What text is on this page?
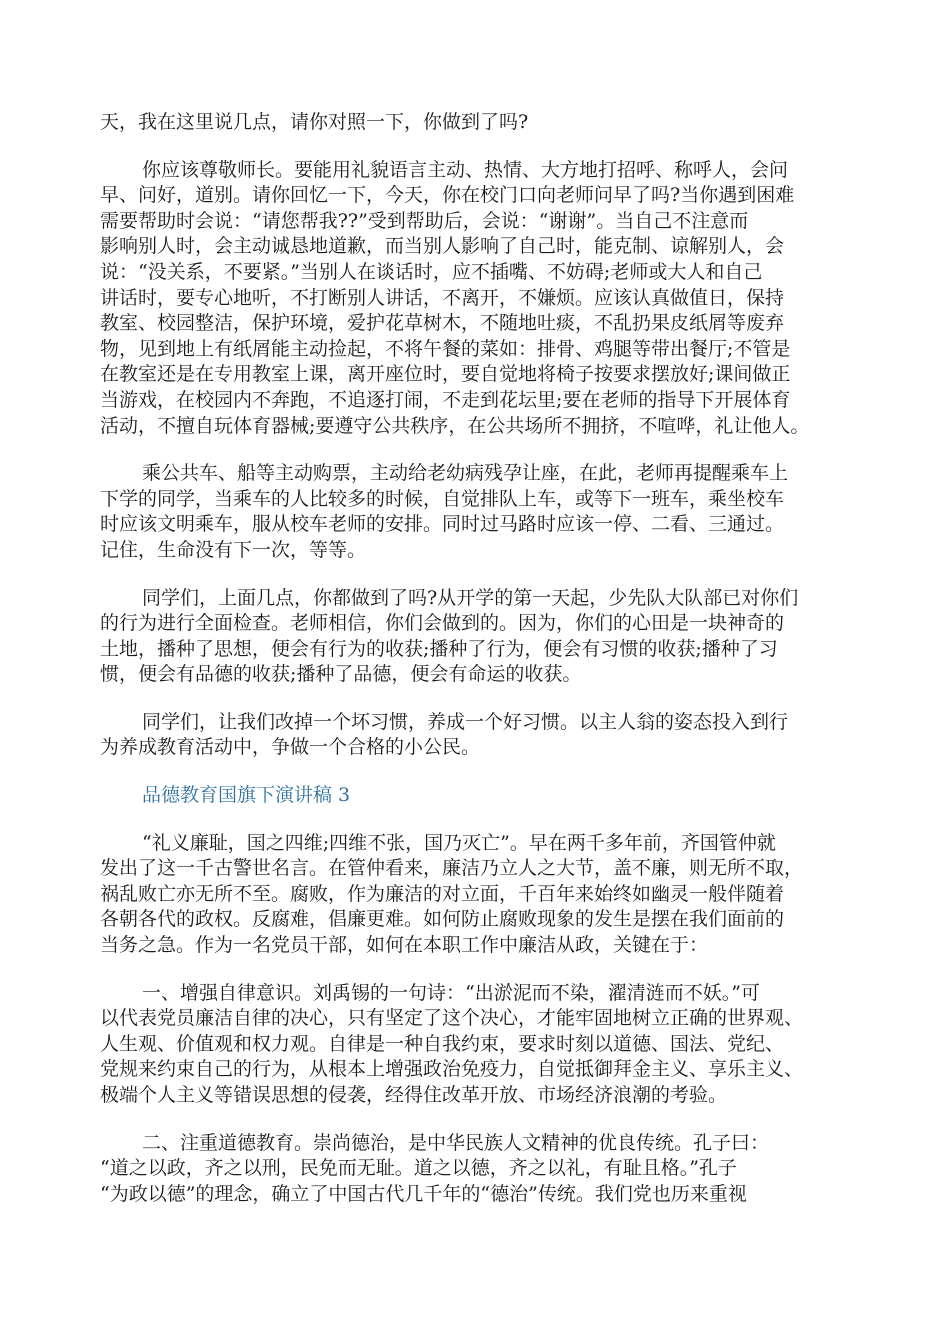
天，我在这里说几点，请你对照一下，你做到了吗?
你应该尊敬师长。要能用礼貌语言主动、热情、大方地打招呼、称呼人，会问
早、问好，道别。请你回忆一下，今天，你在校门口向老师问早了吗?当你遇到困难
需要帮助时会说：“请您帮我??”受到帮助后，会说：“谢谢”。当自己不注意而
影响别人时，会主动诚恳地道歉，而当别人影响了自己时，能克制、谅解别人，会
说：“没关系，不要紧。”当别人在谈话时，应不插嘴、不妨碍;老师或大人和自己
讲话时，要专心地听，不打断别人讲话，不离开，不嫌烦。应该认真做值日，保持
教室、校园整洁，保护环境，爱护花草树木，不随地吐痰，不乱扔果皮纸屑等废弃
物，见到地上有纸屑能主动捡起，不将午餐的菜如：排骨、鸡腿等带出餐厅;不管是
在教室还是在专用教室上课，离开座位时，要自觉地将椅子按要求摆放好;课间做正
当游戏，在校园内不奔跑，不追逐打闹，不走到花坛里;要在老师的指导下开展体育
活动，不擅自玩体育器械;要遵守公共秩序，在公共场所不拥挤，不喧哗，礼让他人。
乘公共车、船等主动购票，主动给老幼病残孕让座，在此，老师再提醒乘车上
下学的同学，当乘车的人比较多的时候，自觉排队上车，或等下一班车，乘坐校车
时应该文明乘车，服从校车老师的安排。同时过马路时应该一停、二看、三通过。
记住，生命没有下一次，等等。
同学们，上面几点，你都做到了吗?从开学的第一天起，少先队大队部已对你们
的行为进行全面检查。老师相信，你们会做到的。因为，你们的心田是一块神奇的
土地，播种了思想，便会有行为的收获;播种了行为，便会有习惯的收获;播种了习
惯，便会有品德的收获;播种了品德，便会有命运的收获。
同学们，让我们改掉一个坏习惯，养成一个好习惯。以主人翁的姿态投入到行
为养成教育活动中，争做一个合格的小公民。
品德教育国旗下演讲稿 3
“礼义廉耻，国之四维;四维不张，国乃灭亡”。早在两千多年前，齐国管仲就
发出了这一千古警世名言。在管仲看来，廉洁乃立人之大节，盖不廉，则无所不取，
祸乱败亡亦无所不至。腐败，作为廉洁的对立面，千百年来始终如幽灵一般伴随着
各朝各代的政权。反腐难，倡廉更难。如何防止腐败现象的发生是摆在我们面前的
当务之急。作为一名党员干部，如何在本职工作中廉洁从政，关键在于：
一、增强自律意识。刘禹锡的一句诗：“出淤泥而不染，濯清涟而不妖。”可
以代表党员廉洁自律的决心，只有坚定了这个决心，才能牢固地树立正确的世界观、
人生观、价值观和权力观。自律是一种自我约束，要求时刻以道德、国法、党纪、
党规来约束自己的行为，从根本上增强政治免疫力，自觉抵御拜金主义、享乐主义、
极端个人主义等错误思想的侵袭，经得住改革开放、市场经济浪潮的考验。
二、注重道德教育。崇尚德治，是中华民族人文精神的优良传统。孔子曰：
“道之以政，齐之以刑，民免而无耻。道之以德，齐之以礼，有耻且格。”孔子
“为政以德”的理念，确立了中国古代几千年的“德治”传统。我们党也历来重视
